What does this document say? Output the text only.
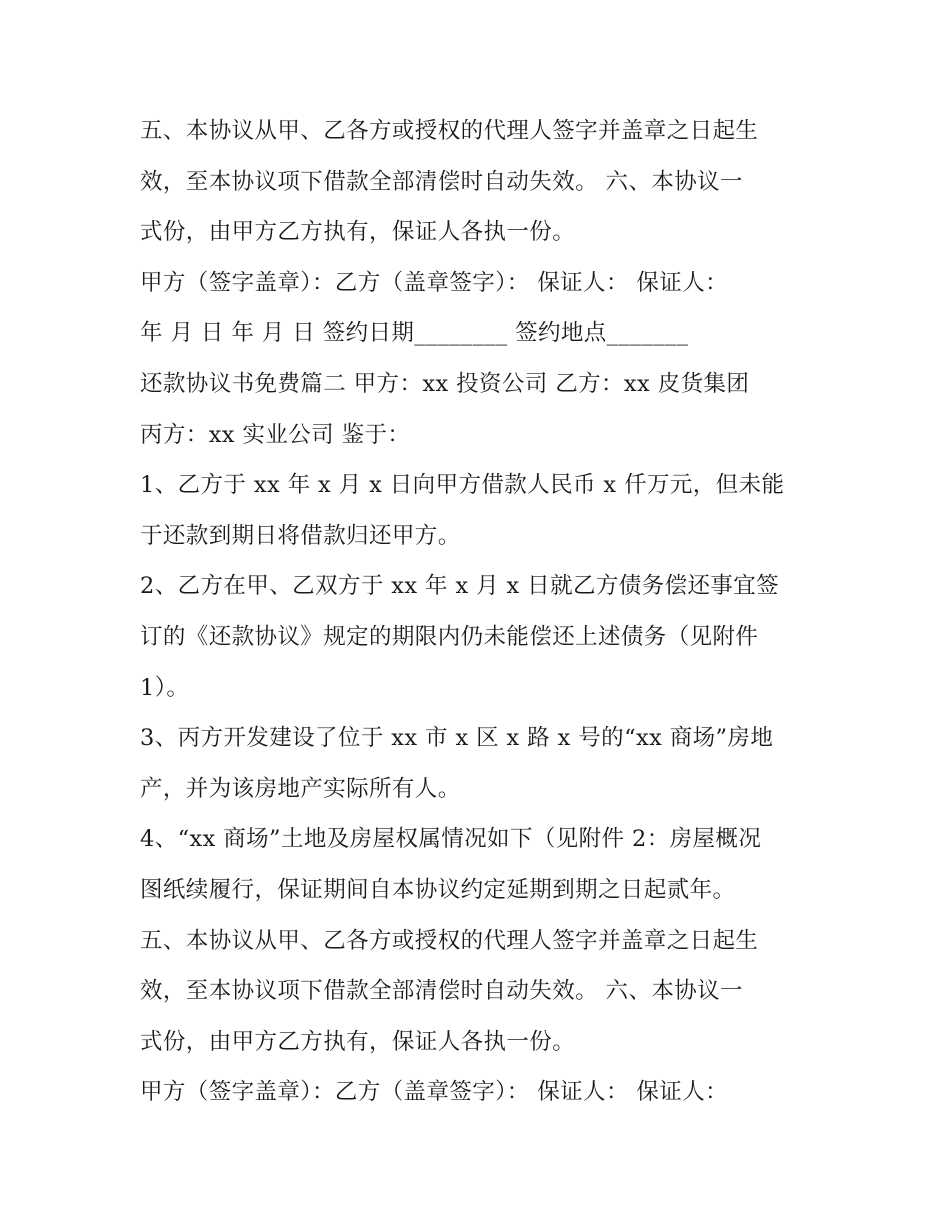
五、本协议从甲、乙各方或授权的代理人签字并盖章之日起生
效，至本协议项下借款全部清偿时自动失效。 六、本协议一
式份，由甲方乙方执有，保证人各执一份。
甲方（签字盖章）：乙方（盖章签字）： 保证人： 保证人：
年 月 日 年 月 日 签约日期________ 签约地点_______
还款协议书免费篇二 甲方：xx 投资公司 乙方：xx 皮货集团
丙方：xx 实业公司 鉴于：
1、乙方于 xx 年 x 月 x 日向甲方借款人民币 x 仟万元，但未能
于还款到期日将借款归还甲方。
2、乙方在甲、乙双方于 xx 年 x 月 x 日就乙方债务偿还事宜签
订的《还款协议》规定的期限内仍未能偿还上述债务（见附件
1）。
3、丙方开发建设了位于 xx 市 x 区 x 路 x 号的“xx 商场”房地
产，并为该房地产实际所有人。
4、“xx 商场”土地及房屋权属情况如下（见附件 2：房屋概况
图纸续履行，保证期间自本协议约定延期到期之日起贰年。
五、本协议从甲、乙各方或授权的代理人签字并盖章之日起生
效，至本协议项下借款全部清偿时自动失效。 六、本协议一
式份，由甲方乙方执有，保证人各执一份。
甲方（签字盖章）：乙方（盖章签字）： 保证人： 保证人：
